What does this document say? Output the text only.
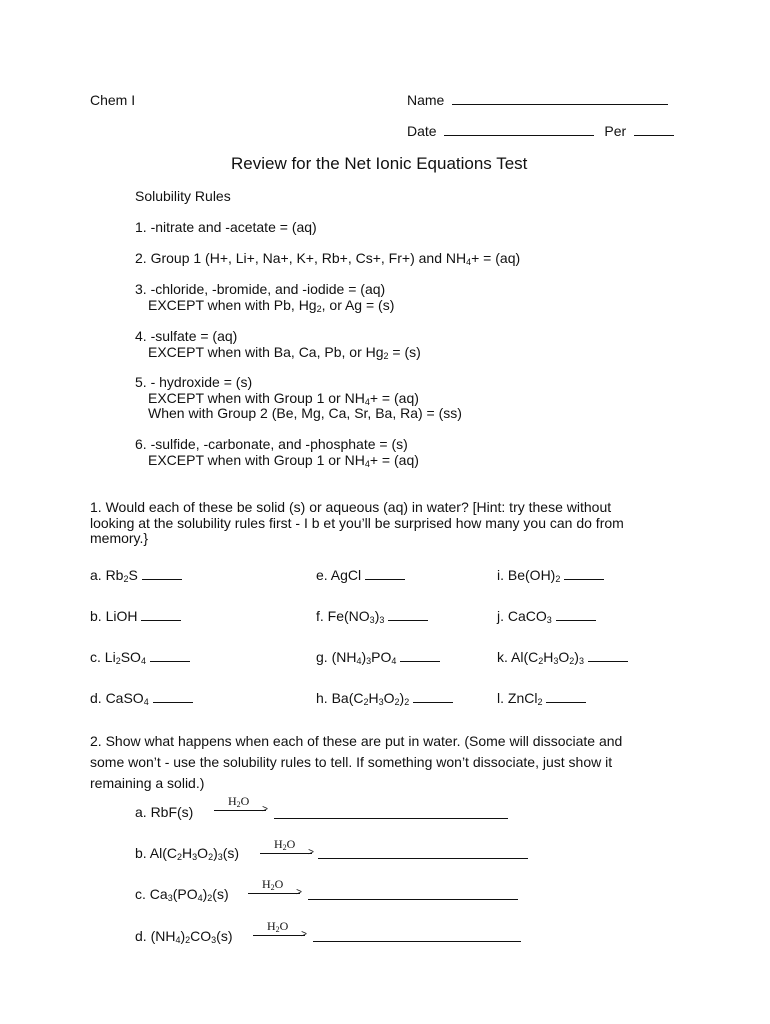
Chem I	Name
Date	Per
Review for the Net Ionic Equations Test
Solubility Rules
1. -nitrate and -acetate = (aq)
2. Group 1 (H+, Li+, Na+, K+, Rb+, Cs+, Fr+) and $NH_4+ = (aq)$
3. -chloride, -bromide, and -iodide = (aq)
EXCEPT when with Pb, $Hg_2$, or Ag = (s)
4. -sulfate = (aq)
EXCEPT when with Ba, Ca, Pb, or $Hg_2 = (s)$
5. - hydroxide = (s)
EXCEPT when with Group 1 or $NH_4+ = (aq)$
When with Group 2 (Be, Mg, Ca, Sr, Ba, Ra) = (ss)
6. -sulfide, -carbonate, and -phosphate = (s)
EXCEPT when with Group 1 or $NH_4+ = (aq)$
1. Would each of these be solid (s) or aqueous (aq) in water? [Hint: try these without
looking at the solubility rules first - I b et you’ll be surprised how many you can do from
memory.}
a. $Rb_2S$
b. LiOH
c. $Li_2SO_4$
d. CaSO$_4$
e. AgCl
f. $Fe(NO_3)_3$
g. $(NH_4)_3PO_4$
h. $Ba(C_2H_3O_2)_2$
i. $Be(OH)_2$
j. CaCO$_3$
k. $Al(C_2H_3O_2)_3$
l. ZnCl$_2$
2. Show what happens when each of these are put in water. (Some will dissociate and
some won’t - use the solubility rules to tell. If something won’t dissociate, just show it
remaining a solid.)
a. RbF(s)
$H_2O$
>
b. $Al(C_2H_3O_2)_3(s)$
$H_2O$
>
c. $Ca_3(PO_4)_2(s)$
$H_2O$
>
d. $(NH_4)_2CO_3(s)$
$H_2O$
>
